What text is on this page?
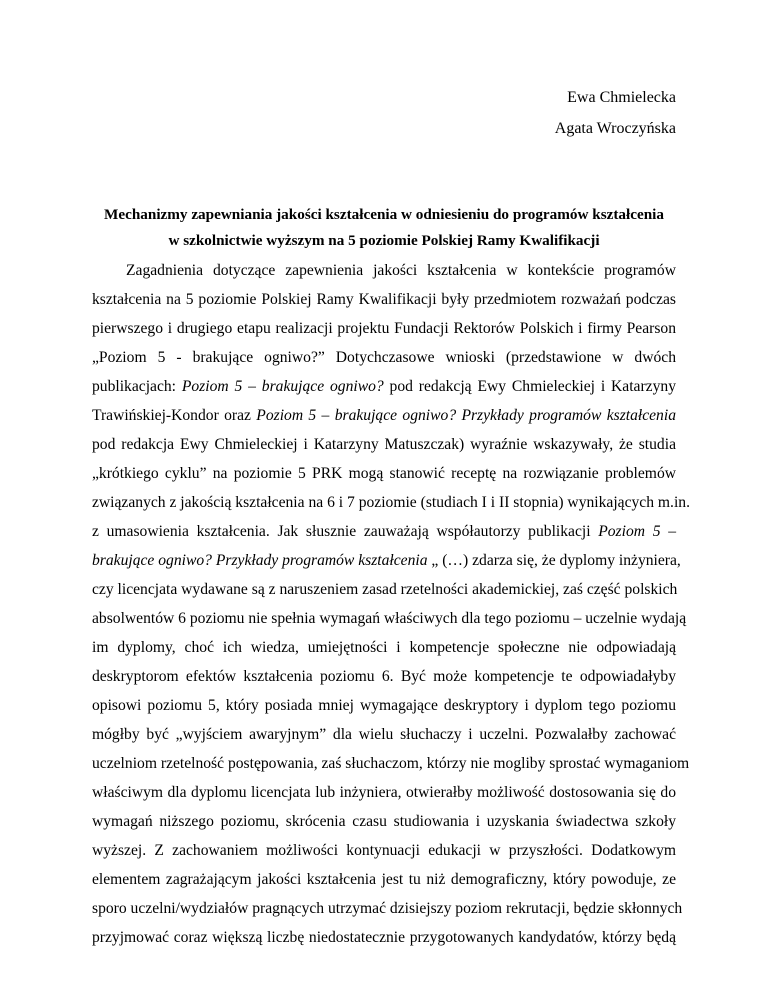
Ewa Chmielecka
Agata Wroczyńska
Mechanizmy zapewniania jakości kształcenia w odniesieniu do programów kształcenia
w szkolnictwie wyższym na 5 poziomie Polskiej Ramy Kwalifikacji
Zagadnienia dotyczące zapewnienia jakości kształcenia w kontekście programów
kształcenia na 5 poziomie Polskiej Ramy Kwalifikacji były przedmiotem rozważań podczas
pierwszego i drugiego etapu realizacji projektu Fundacji Rektorów Polskich i firmy Pearson
„Poziom 5 - brakujące ogniwo?” Dotychczasowe wnioski (przedstawione w dwóch
publikacjach: Poziom 5 – brakujące ogniwo? pod redakcją Ewy Chmieleckiej i Katarzyny
Trawińskiej-Kondor oraz Poziom 5 – brakujące ogniwo? Przykłady programów kształcenia
pod redakcja Ewy Chmieleckiej i Katarzyny Matuszczak) wyraźnie wskazywały, że studia
„krótkiego cyklu” na poziomie 5 PRK mogą stanowić receptę na rozwiązanie problemów
związanych z jakością kształcenia na 6 i 7 poziomie (studiach I i II stopnia) wynikających m.in.
z umasowienia kształcenia. Jak słusznie zauważają współautorzy publikacji Poziom 5 –
brakujące ogniwo? Przykłady programów kształcenia „ (…) zdarza się, że dyplomy inżyniera,
czy licencjata wydawane są z naruszeniem zasad rzetelności akademickiej, zaś część polskich
absolwentów 6 poziomu nie spełnia wymagań właściwych dla tego poziomu – uczelnie wydają
im dyplomy, choć ich wiedza, umiejętności i kompetencje społeczne nie odpowiadają
deskryptorom efektów kształcenia poziomu 6. Być może kompetencje te odpowiadałyby
opisowi poziomu 5, który posiada mniej wymagające deskryptory i dyplom tego poziomu
mógłby być „wyjściem awaryjnym” dla wielu słuchaczy i uczelni. Pozwalałby zachować
uczelniom rzetelność postępowania, zaś słuchaczom, którzy nie mogliby sprostać wymaganiom
właściwym dla dyplomu licencjata lub inżyniera, otwierałby możliwość dostosowania się do
wymagań niższego poziomu, skrócenia czasu studiowania i uzyskania świadectwa szkoły
wyższej. Z zachowaniem możliwości kontynuacji edukacji w przyszłości. Dodatkowym
elementem zagrażającym jakości kształcenia jest tu niż demograficzny, który powoduje, ze
sporo uczelni/wydziałów pragnących utrzymać dzisiejszy poziom rekrutacji, będzie skłonnych
przyjmować coraz większą liczbę niedostatecznie przygotowanych kandydatów, którzy będą
